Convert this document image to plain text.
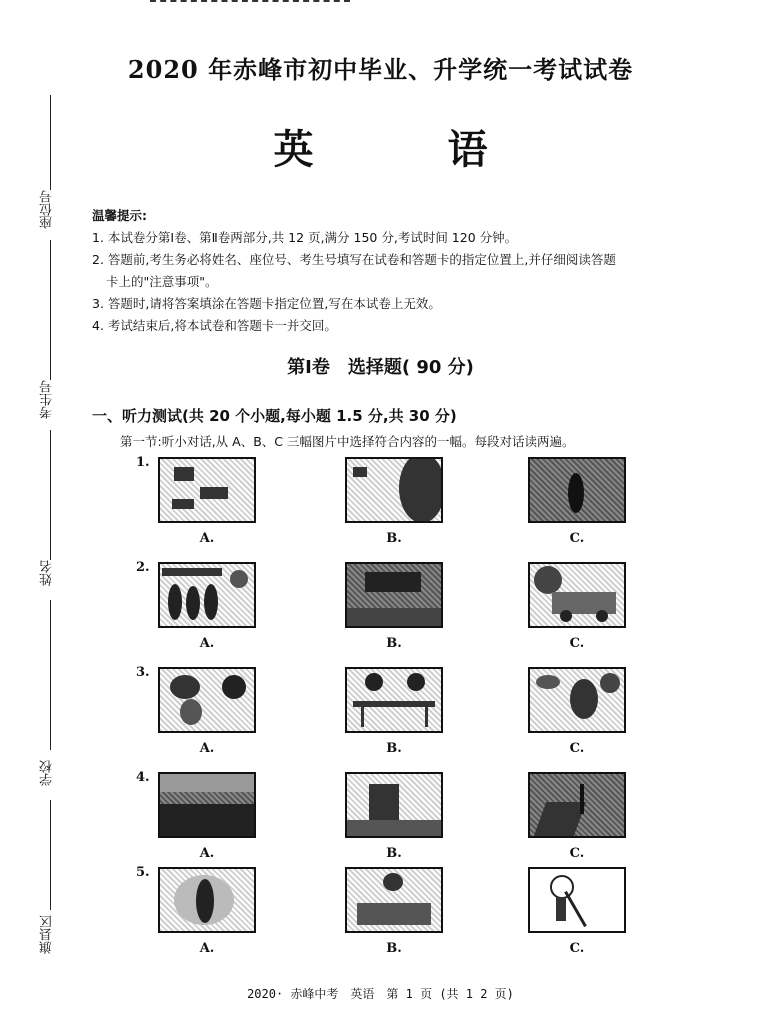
2020 年赤峰市初中毕业、升学统一考试试卷
英 语
座位号
考生号
姓名
学校
旗县区
温馨提示:
1. 本试卷分第Ⅰ卷、第Ⅱ卷两部分,共 12 页,满分 150 分,考试时间 120 分钟。
2. 答题前,考生务必将姓名、座位号、考生号填写在试卷和答题卡的指定位置上,并仔细阅读答题
卡上的"注意事项"。
3. 答题时,请将答案填涂在答题卡指定位置,写在本试卷上无效。
4. 考试结束后,将本试卷和答题卡一并交回。
第Ⅰ卷　选择题( 90 分)
一、听力测试(共 20 个小题,每小题 1.5 分,共 30 分)
第一节:听小对话,从 A、B、C 三幅图片中选择符合内容的一幅。每段对话读两遍。
1.
A.	B.	C.
2.
A.	B.	C.
3.
A.	B.	C.
4.
A.	B.	C.
5.
A.	B.	C.
2020· 赤峰中考　英语　第 1 页 (共 1 2 页)
